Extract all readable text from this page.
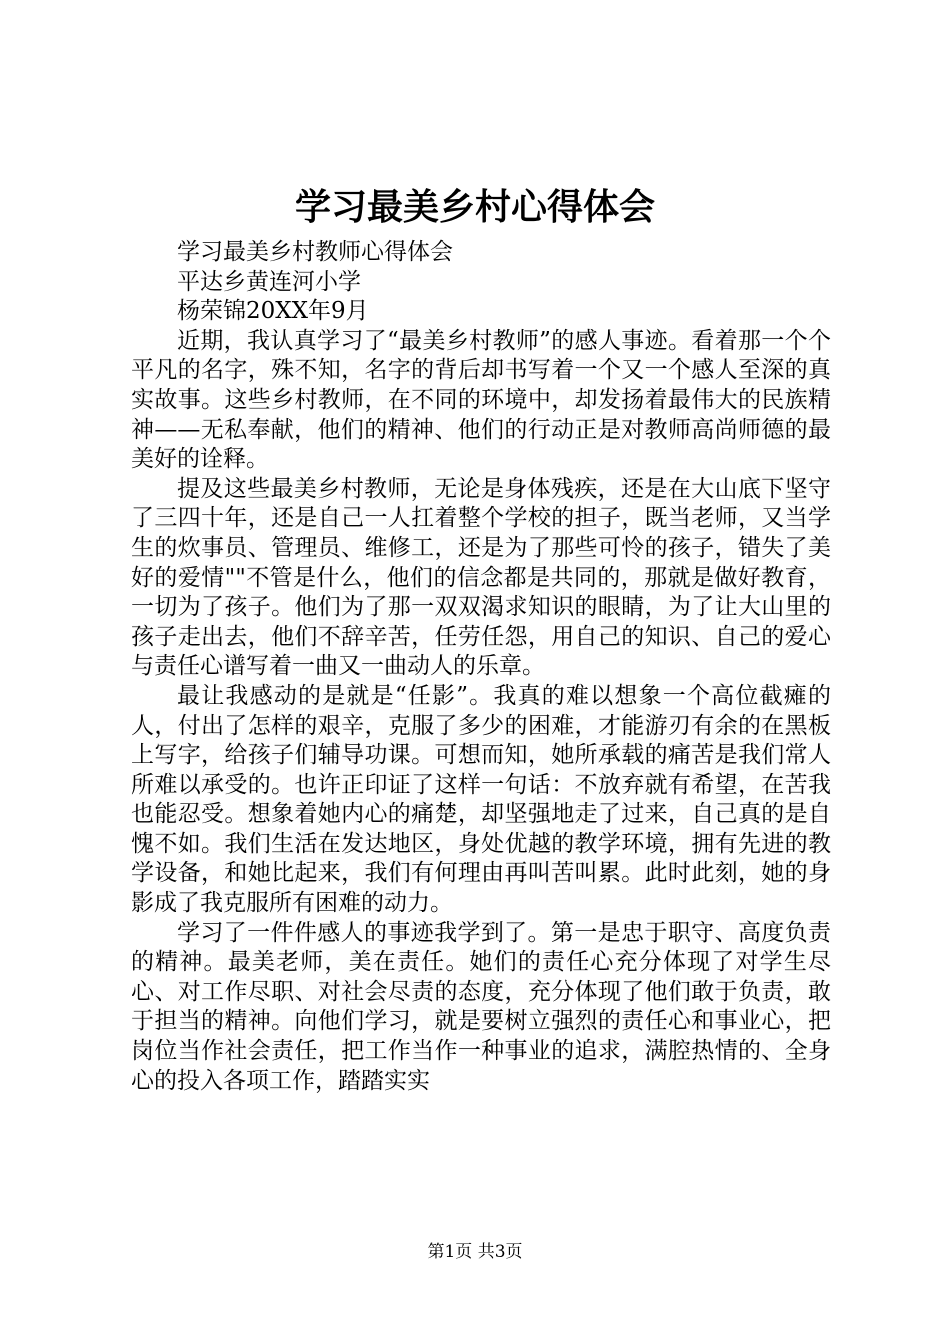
学习最美乡村心得体会

学习最美乡村教师心得体会

平达乡黄连河小学

杨荣锦20XX年9月

近期，我认真学习了“最美乡村教师”的感人事迹。看着那一个个平凡的名字，殊不知，名字的背后却书写着一个又一个感人至深的真实故事。这些乡村教师，在不同的环境中，却发扬着最伟大的民族精神——无私奉献，他们的精神、他们的行动正是对教师高尚师德的最美好的诠释。

提及这些最美乡村教师，无论是身体残疾，还是在大山底下坚守了三四十年，还是自己一人扛着整个学校的担子，既当老师，又当学生的炊事员、管理员、维修工，还是为了那些可怜的孩子，错失了美好的爱情""不管是什么，他们的信念都是共同的，那就是做好教育，一切为了孩子。他们为了那一双双渴求知识的眼睛，为了让大山里的孩子走出去，他们不辞辛苦，任劳任怨，用自己的知识、自己的爱心与责任心谱写着一曲又一曲动人的乐章。

最让我感动的是就是“任影”。我真的难以想象一个高位截瘫的人，付出了怎样的艰辛，克服了多少的困难，才能游刃有余的在黑板上写字，给孩子们辅导功课。可想而知，她所承载的痛苦是我们常人所难以承受的。也许正印证了这样一句话：不放弃就有希望，在苦我也能忍受。想象着她内心的痛楚，却坚强地走了过来，自己真的是自愧不如。我们生活在发达地区，身处优越的教学环境，拥有先进的教学设备，和她比起来，我们有何理由再叫苦叫累。此时此刻，她的身影成了我克服所有困难的动力。

学习了一件件感人的事迹我学到了。第一是忠于职守、高度负责的精神。最美老师，美在责任。她们的责任心充分体现了对学生尽心、对工作尽职、对社会尽责的态度，充分体现了他们敢于负责，敢于担当的精神。向他们学习，就是要树立强烈的责任心和事业心，把岗位当作社会责任，把工作当作一种事业的追求，满腔热情的、全身心的投入各项工作，踏踏实实

第1页 共3页
